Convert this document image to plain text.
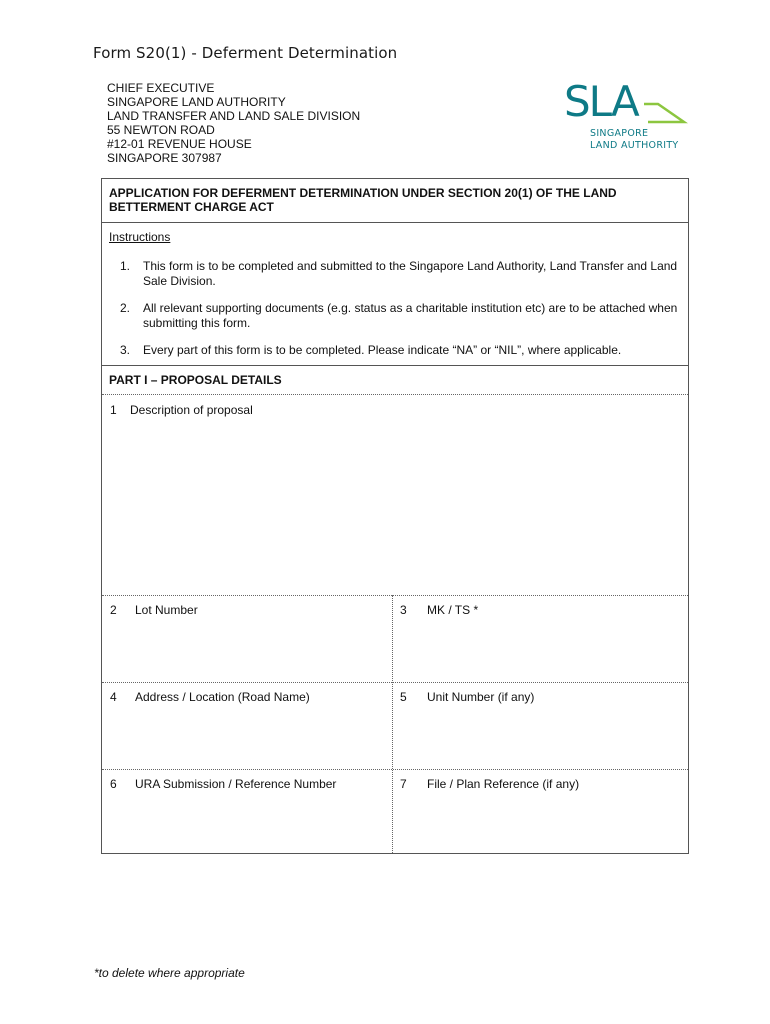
Form S20(1) - Deferment Determination
CHIEF EXECUTIVE
SINGAPORE LAND AUTHORITY
LAND TRANSFER AND LAND SALE DIVISION
55 NEWTON ROAD
#12-01 REVENUE HOUSE
SINGAPORE 307987
SLA
SINGAPORE
LAND AUTHORITY
APPLICATION FOR DEFERMENT DETERMINATION UNDER SECTION 20(1) OF THE LAND BETTERMENT CHARGE ACT
Instructions
1.	This form is to be completed and submitted to the Singapore Land Authority, Land Transfer and Land Sale Division.
2.	All relevant supporting documents (e.g. status as a charitable institution etc) are to be attached when submitting this form.
3.	Every part of this form is to be completed. Please indicate “NA” or “NIL”, where applicable.
PART I – PROPOSAL DETAILS
1 Description of proposal
2 Lot Number	3 MK / TS *
4 Address / Location (Road Name)	5 Unit Number (if any)
6 URA Submission / Reference Number	7 File / Plan Reference (if any)
*to delete where appropriate
